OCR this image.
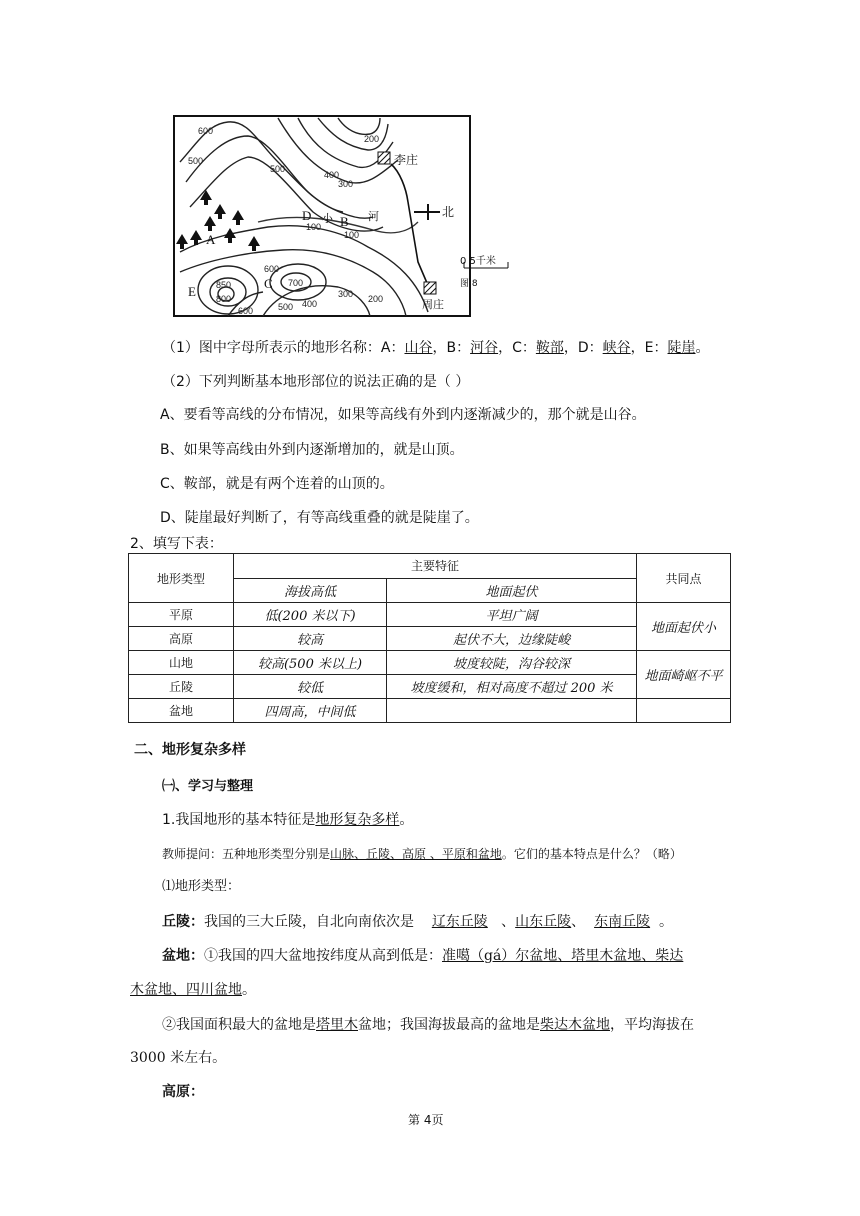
600
500
500
400
300
200
100
100
200
300
400
500
700
600
850
800
600
A
B
C
D
E
小	河
李庄
周庄
北
0 5千米
图 8
（1）图中字母所表示的地形名称：A：山谷，B：河谷，C：鞍部，D：峡谷，E：陡崖。
（2）下列判断基本地形部位的说法正确的是（ ）
A、要看等高线的分布情况，如果等高线有外到内逐渐减少的，那个就是山谷。
B、如果等高线由外到内逐渐增加的，就是山顶。
C、鞍部，就是有两个连着的山顶的。
D、陡崖最好判断了，有等高线重叠的就是陡崖了。
2、填写下表：
地形类型	主要特征		共同点
	海拔高低	地面起伏	
平原	低(200 米以下)	平坦广阔	地面起伏小
高原	较高	起伏不大，边缘陡峻	
山地	较高(500 米以上)	坡度较陡，沟谷较深	地面崎岖不平
丘陵	较低	坡度缓和，相对高度不超过 200 米	
盆地	四周高，中间低		
二、地形复杂多样
㈠、学习与整理
1.我国地形的基本特征是地形复杂多样。
教师提问：五种地形类型分别是山脉、丘陵、高原 、平原和盆地。它们的基本特点是什么？（略）
⑴地形类型：
丘陵：我国的三大丘陵，自北向南依次是 辽东丘陵 、山东丘陵、 东南丘陵 。
盆地：①我国的四大盆地按纬度从高到低是：准噶（gá）尔盆地、塔里木盆地、柴达
木盆地、四川盆地。
②我国面积最大的盆地是塔里木盆地；我国海拔最高的盆地是柴达木盆地，平均海拔在
3000 米左右。
高原：
第 4页
